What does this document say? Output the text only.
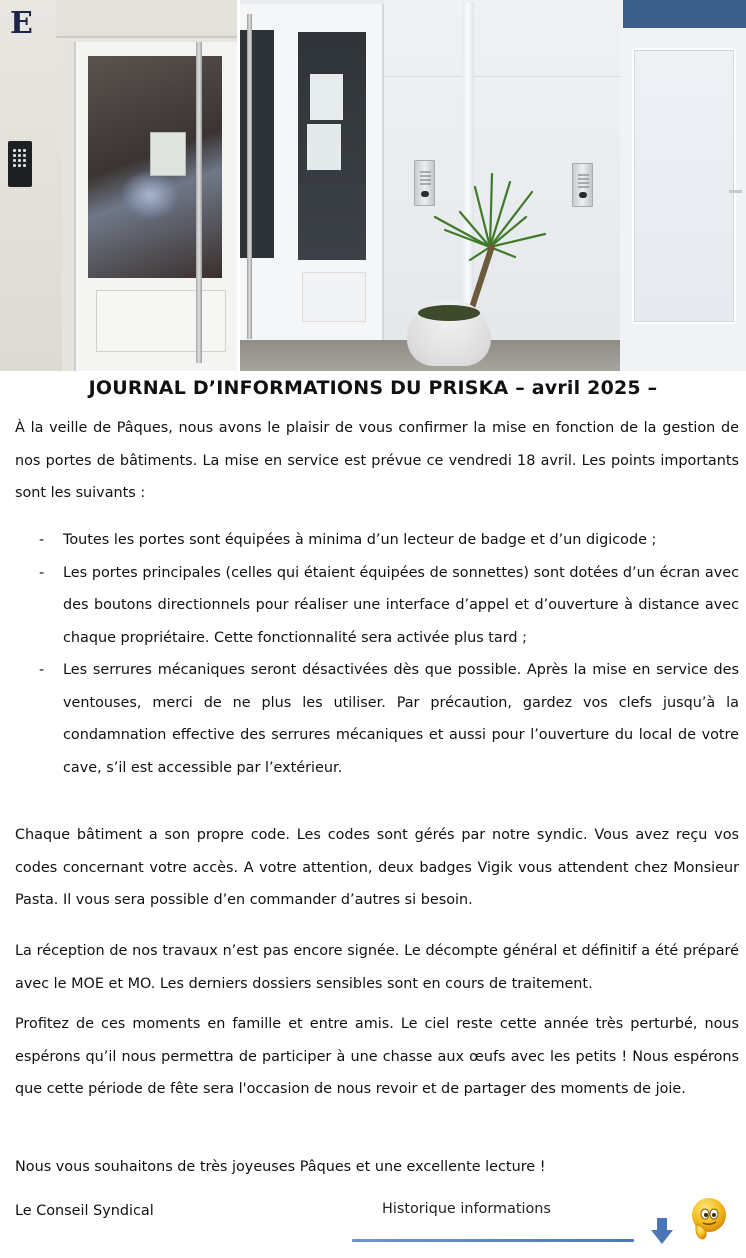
E
JOURNAL D’INFORMATIONS DU PRISKA – avril 2025 –

À la veille de Pâques, nous avons le plaisir de vous confirmer la mise en fonction de la gestion de nos portes de bâtiments. La mise en service est prévue ce vendredi 18 avril. Les points importants sont les suivants :

- Toutes les portes sont équipées à minima d’un lecteur de badge et d’un digicode ;
- Les portes principales (celles qui étaient équipées de sonnettes) sont dotées d’un écran avec des boutons directionnels pour réaliser une interface d’appel et d’ouverture à distance avec chaque propriétaire. Cette fonctionnalité sera activée plus tard ;
- Les serrures mécaniques seront désactivées dès que possible. Après la mise en service des ventouses, merci de ne plus les utiliser. Par précaution, gardez vos clefs jusqu’à la condamnation effective des serrures mécaniques et aussi pour l’ouverture du local de votre cave, s’il est accessible par l’extérieur.

Chaque bâtiment a son propre code. Les codes sont gérés par notre syndic. Vous avez reçu vos codes concernant votre accès. A votre attention, deux badges Vigik vous attendent chez Monsieur Pasta. Il vous sera possible d’en commander d’autres si besoin.

La réception de nos travaux n’est pas encore signée. Le décompte général et définitif a été préparé avec le MOE et MO. Les derniers dossiers sensibles sont en cours de traitement.

Profitez de ces moments en famille et entre amis. Le ciel reste cette année très perturbé, nous espérons qu’il nous permettra de participer à une chasse aux œufs avec les petits ! Nous espérons que cette période de fête sera l'occasion de nous revoir et de partager des moments de joie.

Nous vous souhaitons de très joyeuses Pâques et une excellente lecture !

Le Conseil Syndical	Historique informations
